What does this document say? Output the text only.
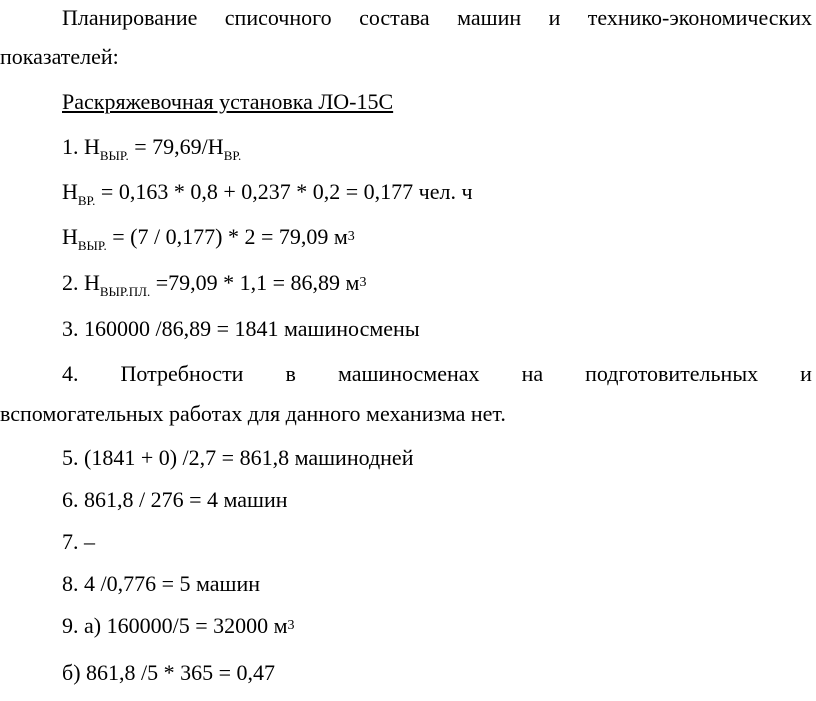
Планирование списочного состава машин и технико-экономических
показателей:
Раскряжевочная установка ЛО-15С
1. $Н_{ВЫР.} = 79,69/Н_{ВР.}$
$Н_{ВР.} = 0,163 * 0,8 + 0,237 * 0,2 = 0,177$ чел. ч
$Н_{ВЫР.} = (7 / 0,177) * 2 = 79,09$ $м^3$
2. $Н_{ВЫР.ПЛ.} =79,09 * 1,1 = 86,89$ $м^3$
3. 160000 /86,89 = 1841 машиносмены
4. Потребности в машиносменах на подготовительных и
вспомогательных работах для данного механизма нет.
5. (1841 + 0) /2,7 = 861,8 машинодней
6. 861,8 / 276 = 4 машин
7. –
8. 4 /0,776 = 5 машин
9. а) 160000/5 = 32000 $м^3$
б) 861,8 /5 * 365 = 0,47
